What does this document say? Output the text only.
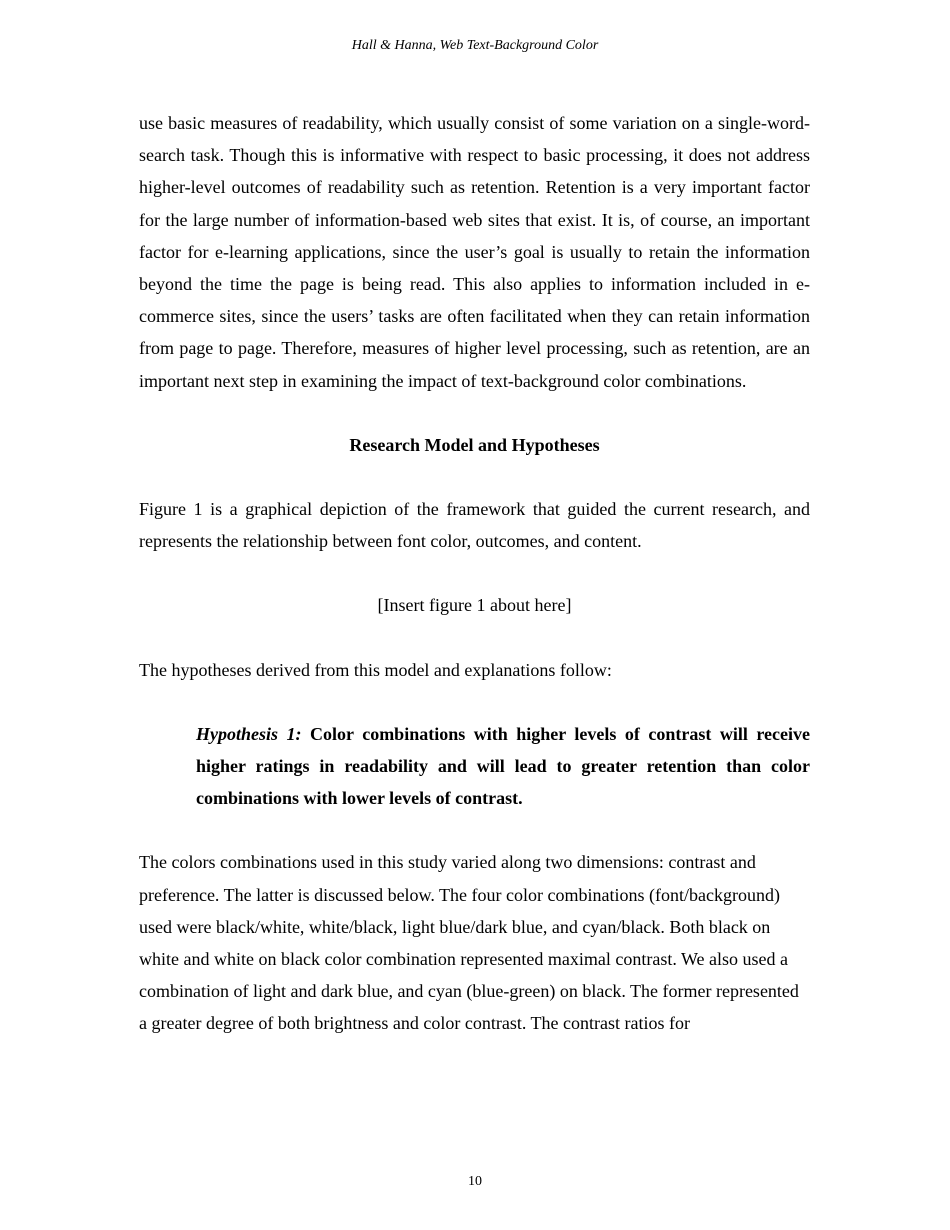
Hall & Hanna, Web Text-Background Color

use basic measures of readability, which usually consist of some variation on a single-word-search task. Though this is informative with respect to basic processing, it does not address higher-level outcomes of readability such as retention. Retention is a very important factor for the large number of information-based web sites that exist. It is, of course, an important factor for e-learning applications, since the user’s goal is usually to retain the information beyond the time the page is being read. This also applies to information included in e-commerce sites, since the users’ tasks are often facilitated when they can retain information from page to page. Therefore, measures of higher level processing, such as retention, are an important next step in examining the impact of text-background color combinations.

Research Model and Hypotheses

Figure 1 is a graphical depiction of the framework that guided the current research, and represents the relationship between font color, outcomes, and content.

[Insert figure 1 about here]

The hypotheses derived from this model and explanations follow:

Hypothesis 1: Color combinations with higher levels of contrast will receive higher ratings in readability and will lead to greater retention than color combinations with lower levels of contrast.

The colors combinations used in this study varied along two dimensions: contrast and preference. The latter is discussed below. The four color combinations (font/background) used were black/white, white/black, light blue/dark blue, and cyan/black. Both black on white and white on black color combination represented maximal contrast. We also used a combination of light and dark blue, and cyan (blue-green) on black. The former represented a greater degree of both brightness and color contrast. The contrast ratios for

10
